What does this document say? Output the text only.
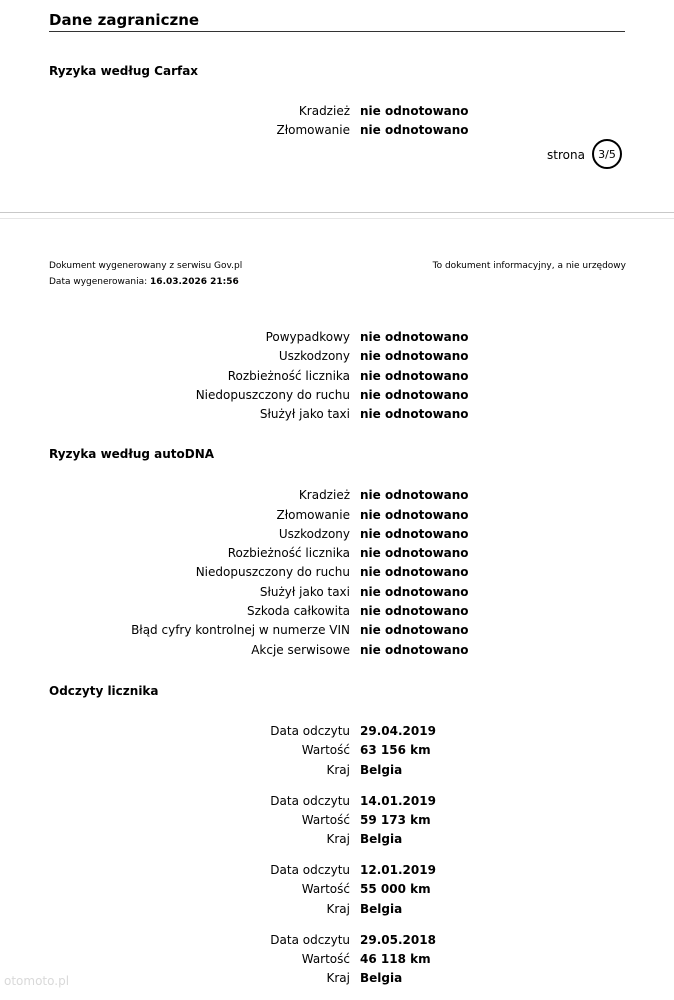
Dane zagraniczne
Ryzyka według Carfax
Kradzież nie odnotowano
Złomowanie nie odnotowano
strona 3/5
Dokument wygenerowany z serwisu Gov.pl
Data wygenerowania: 16.03.2026 21:56
To dokument informacyjny, a nie urzędowy
Powypadkowy nie odnotowano
Uszkodzony nie odnotowano
Rozbieżność licznika nie odnotowano
Niedopuszczony do ruchu nie odnotowano
Służył jako taxi nie odnotowano
Ryzyka według autoDNA
Kradzież nie odnotowano
Złomowanie nie odnotowano
Uszkodzony nie odnotowano
Rozbieżność licznika nie odnotowano
Niedopuszczony do ruchu nie odnotowano
Służył jako taxi nie odnotowano
Szkoda całkowita nie odnotowano
Błąd cyfry kontrolnej w numerze VIN nie odnotowano
Akcje serwisowe nie odnotowano
Odczyty licznika
Data odczytu 29.04.2019
Wartość 63 156 km
Kraj Belgia
Data odczytu 14.01.2019
Wartość 59 173 km
Kraj Belgia
Data odczytu 12.01.2019
Wartość 55 000 km
Kraj Belgia
Data odczytu 29.05.2018
Wartość 46 118 km
Kraj Belgia
otomoto.pl
